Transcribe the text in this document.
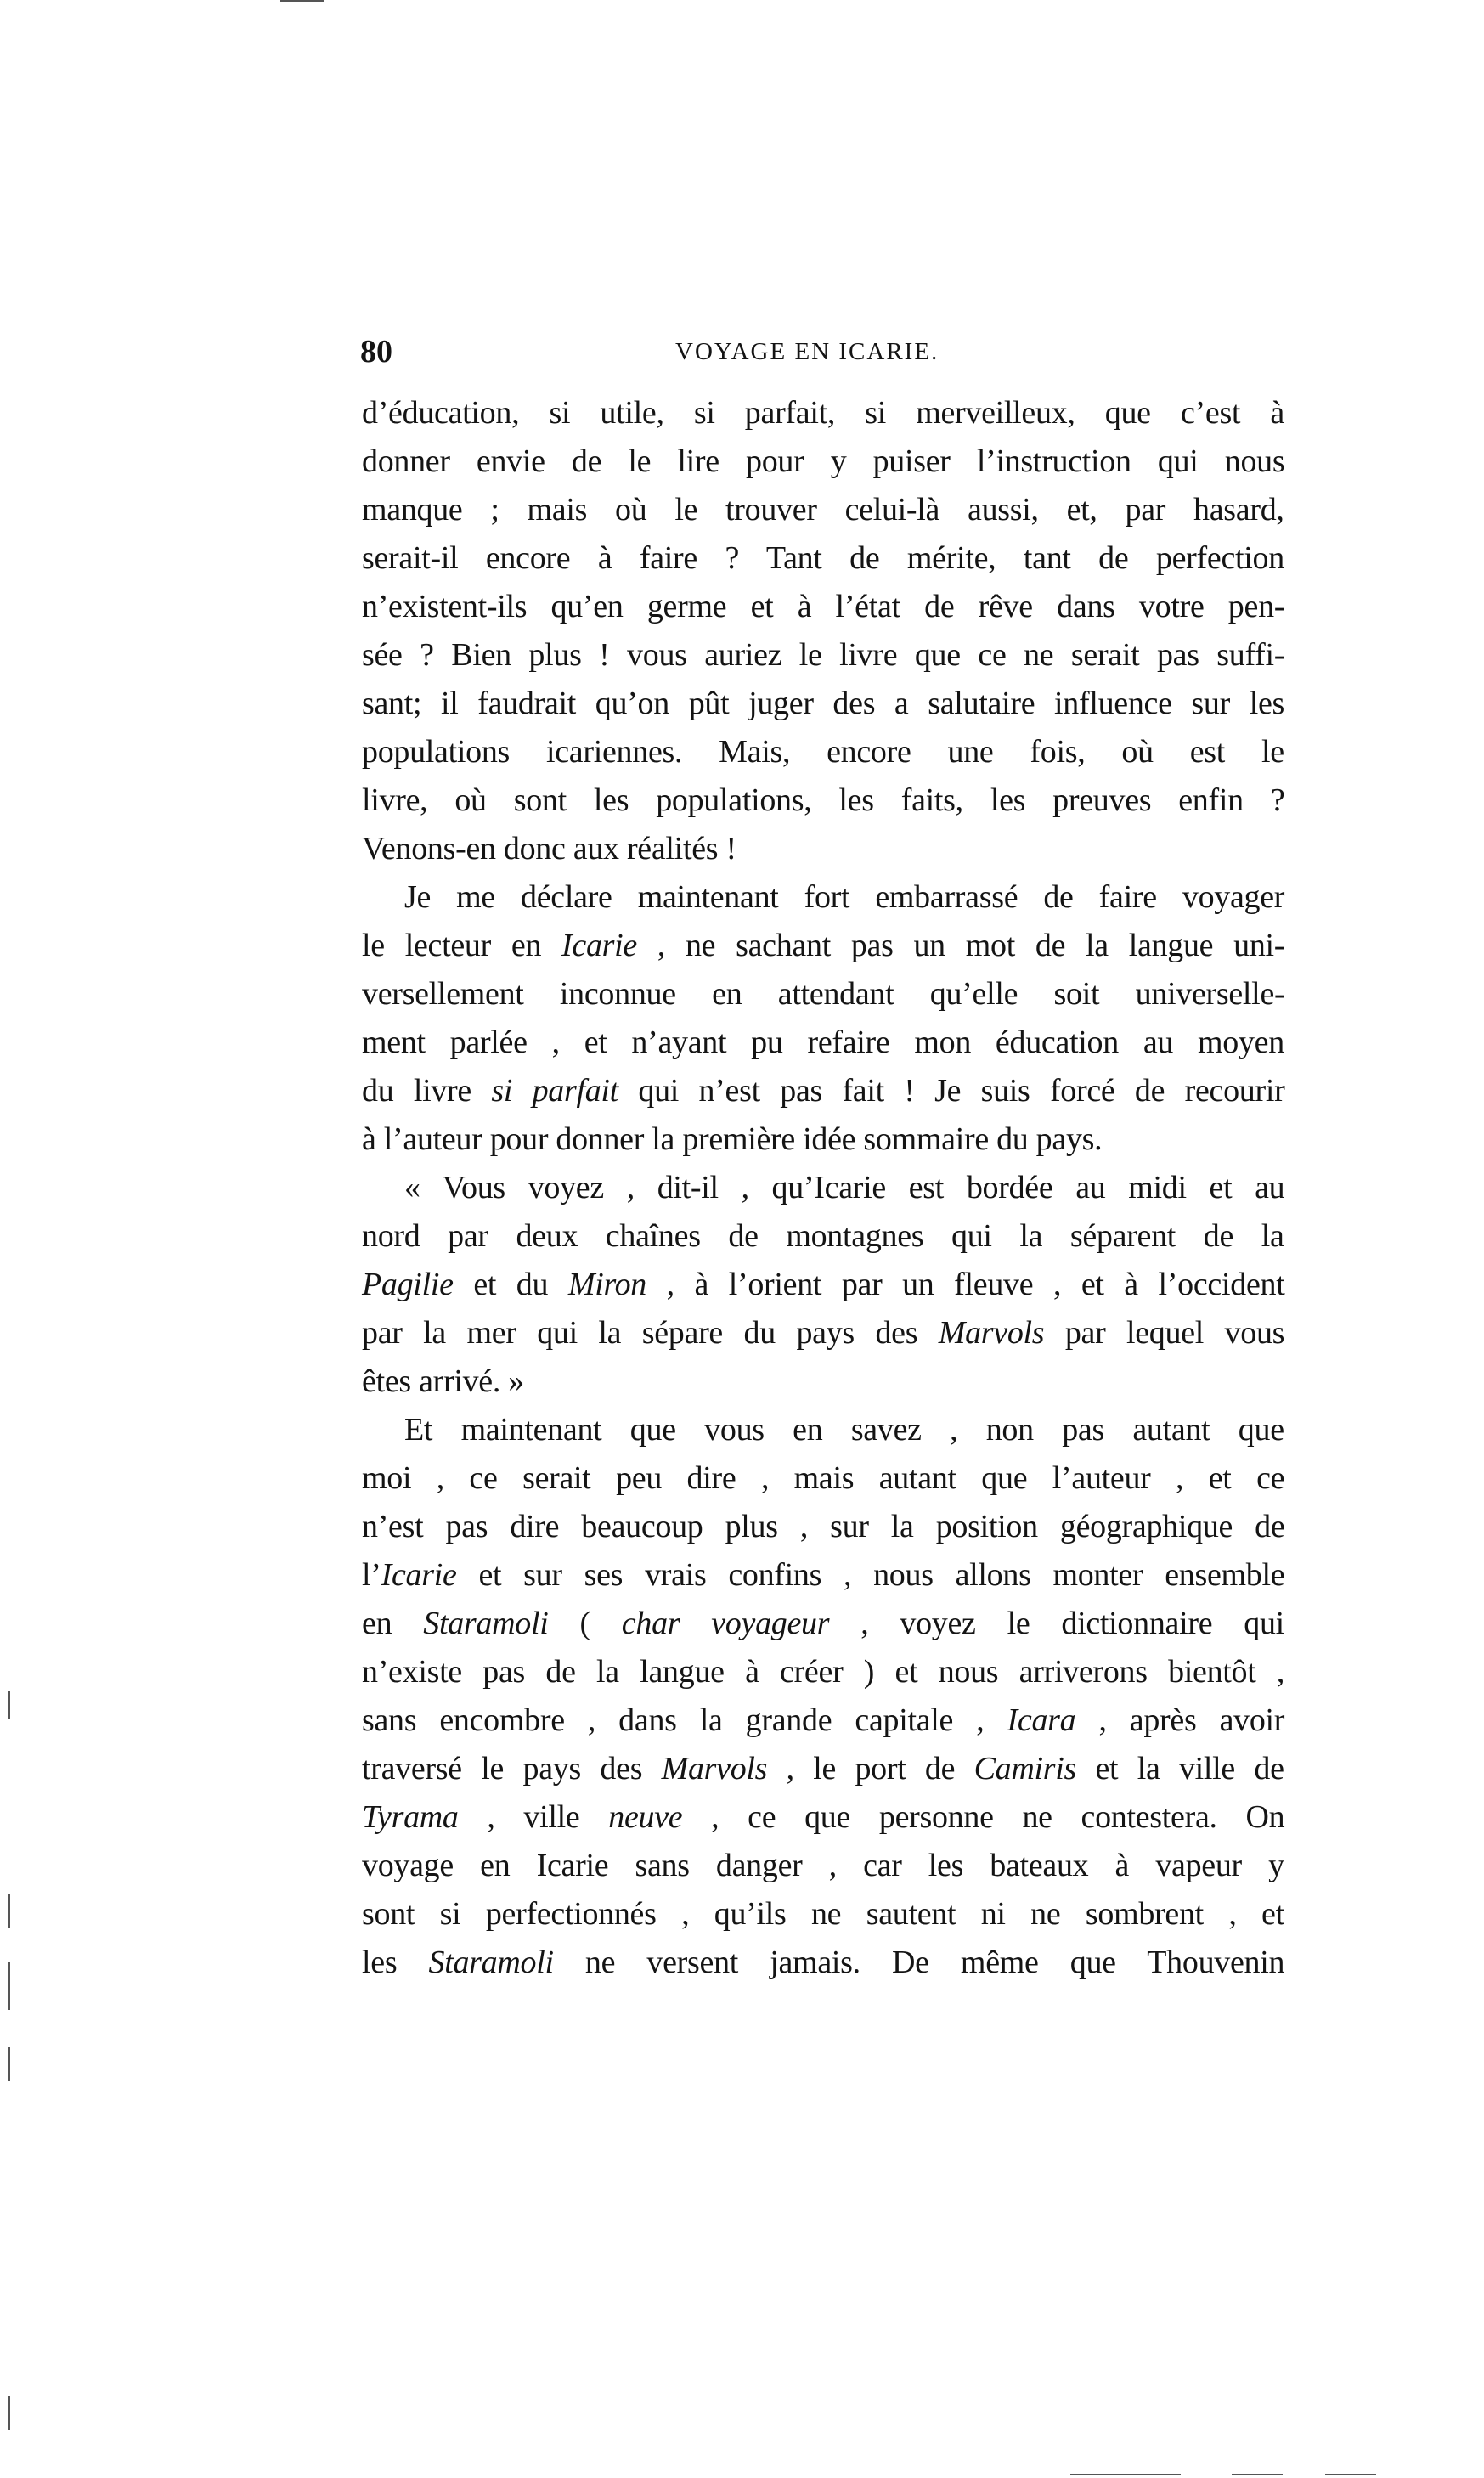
80	VOYAGE EN ICARIE.
d’éducation, si utile, si parfait, si merveilleux, que c’est à
donner envie de le lire pour y puiser l’instruction qui nous
manque ; mais où le trouver celui-là aussi, et, par hasard,
serait-il encore à faire ? Tant de mérite, tant de perfection
n’existent-ils qu’en germe et à l’état de rêve dans votre pen-
sée ? Bien plus ! vous auriez le livre que ce ne serait pas suffi-
sant; il faudrait qu’on pût juger des a salutaire influence sur les
populations icariennes. Mais, encore une fois, où est le
livre, où sont les populations, les faits, les preuves enfin ?
Venons-en donc aux réalités !
Je me déclare maintenant fort embarrassé de faire voyager
le lecteur en Icarie , ne sachant pas un mot de la langue uni-
versellement inconnue en attendant qu’elle soit universelle-
ment parlée , et n’ayant pu refaire mon éducation au moyen
du livre si parfait qui n’est pas fait ! Je suis forcé de recourir
à l’auteur pour donner la première idée sommaire du pays.
« Vous voyez , dit-il , qu’Icarie est bordée au midi et au
nord par deux chaînes de montagnes qui la séparent de la
Pagilie et du Miron , à l’orient par un fleuve , et à l’occident
par la mer qui la sépare du pays des Marvols par lequel vous
êtes arrivé. »
Et maintenant que vous en savez , non pas autant que
moi , ce serait peu dire , mais autant que l’auteur , et ce
n’est pas dire beaucoup plus , sur la position géographique de
l’Icarie et sur ses vrais confins , nous allons monter ensemble
en Staramoli ( char voyageur , voyez le dictionnaire qui
n’existe pas de la langue à créer ) et nous arriverons bientôt ,
sans encombre , dans la grande capitale , Icara , après avoir
traversé le pays des Marvols , le port de Camiris et la ville de
Tyrama , ville neuve , ce que personne ne contestera. On
voyage en Icarie sans danger , car les bateaux à vapeur y
sont si perfectionnés , qu’ils ne sautent ni ne sombrent , et
les Staramoli ne versent jamais. De même que Thouvenin
